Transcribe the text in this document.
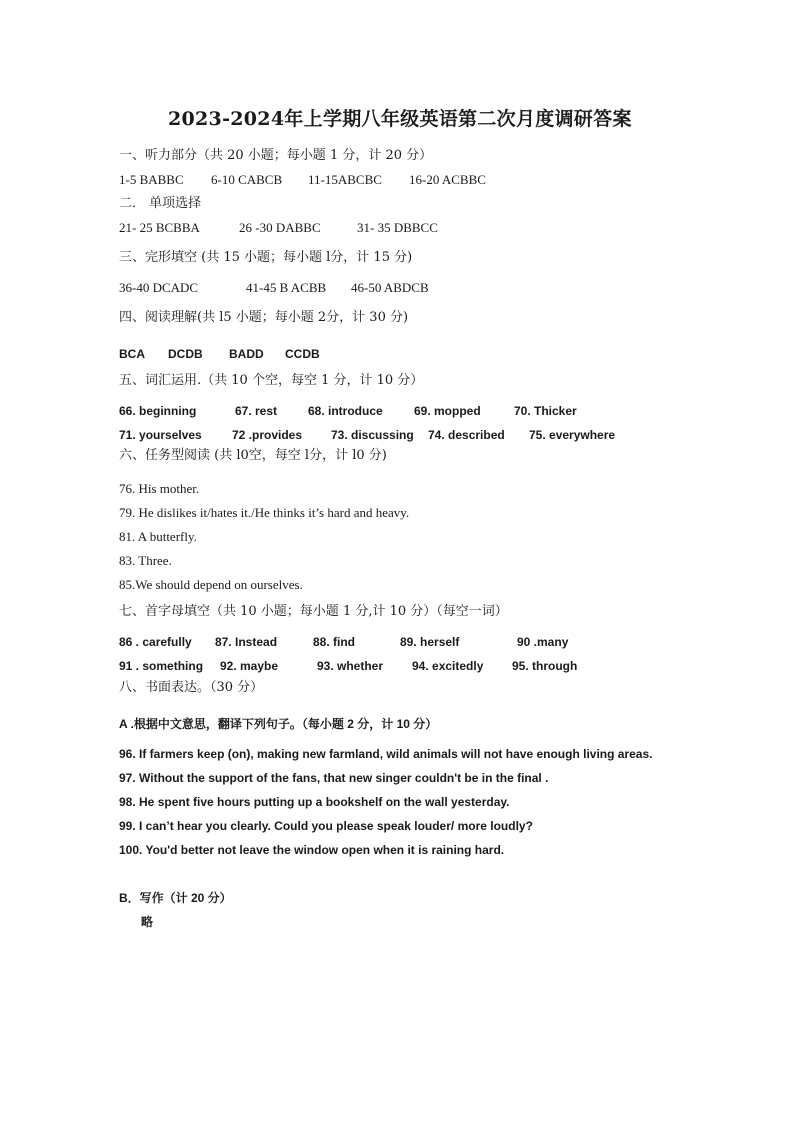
2023-2024年上学期八年级英语第二次月度调研答案
一、听力部分（共 20 小题；每小题 1 分，计 20 分）
1-5 BABBC 6-10 CABCB 11-15ABCBC 16-20 ACBBC
二． 单项选择
21- 25 BCBBA	26 -30 DABBC	31- 35 DBBCC
三、完形填空 (共 15 小题；每小题 l分，计 15 分)
36-40 DCADC	41-45 B ACBB 46-50 ABDCB
四、阅读理解(共 l5 小题；每小题 2分，计 30 分)
BCA DCDB BADD CCDB
五、词汇运用.（共 10 个空，每空 1 分，计 10 分）
66. beginning	67. rest	68. introduce	69. mopped	70. Thicker
71. yourselves	72 .provides 73. discussing 74. described 75. everywhere
六、任务型阅读 (共 l0空，每空 l分，计 l0 分)
76. His mother.
79. He dislikes it/hates it./He thinks it’s hard and heavy.
81. A butterfly.
83. Three.
85.We should depend on ourselves.
七、首字母填空（共 10 小题；每小题 1 分,计 10 分）（每空一词）
86 . carefully 87. Instead	88. find	89. herself	90 .many
91 . something 92. maybe	93. whether 94. excitedly 95. through
八、书面表达。（30 分）
A .根据中文意思，翻译下列句子。（每小题 2 分，计 10 分）
96. If farmers keep (on), making new farmland, wild animals will not have enough living areas.
97. Without the support of the fans, that new singer couldn't be in the final .
98. He spent five hours putting up a bookshelf on the wall yesterday.
99. I can’t hear you clearly. Could you please speak louder/ more loudly?
100. You'd better not leave the window open when it is raining hard.
B．写作（计 20 分）
略
